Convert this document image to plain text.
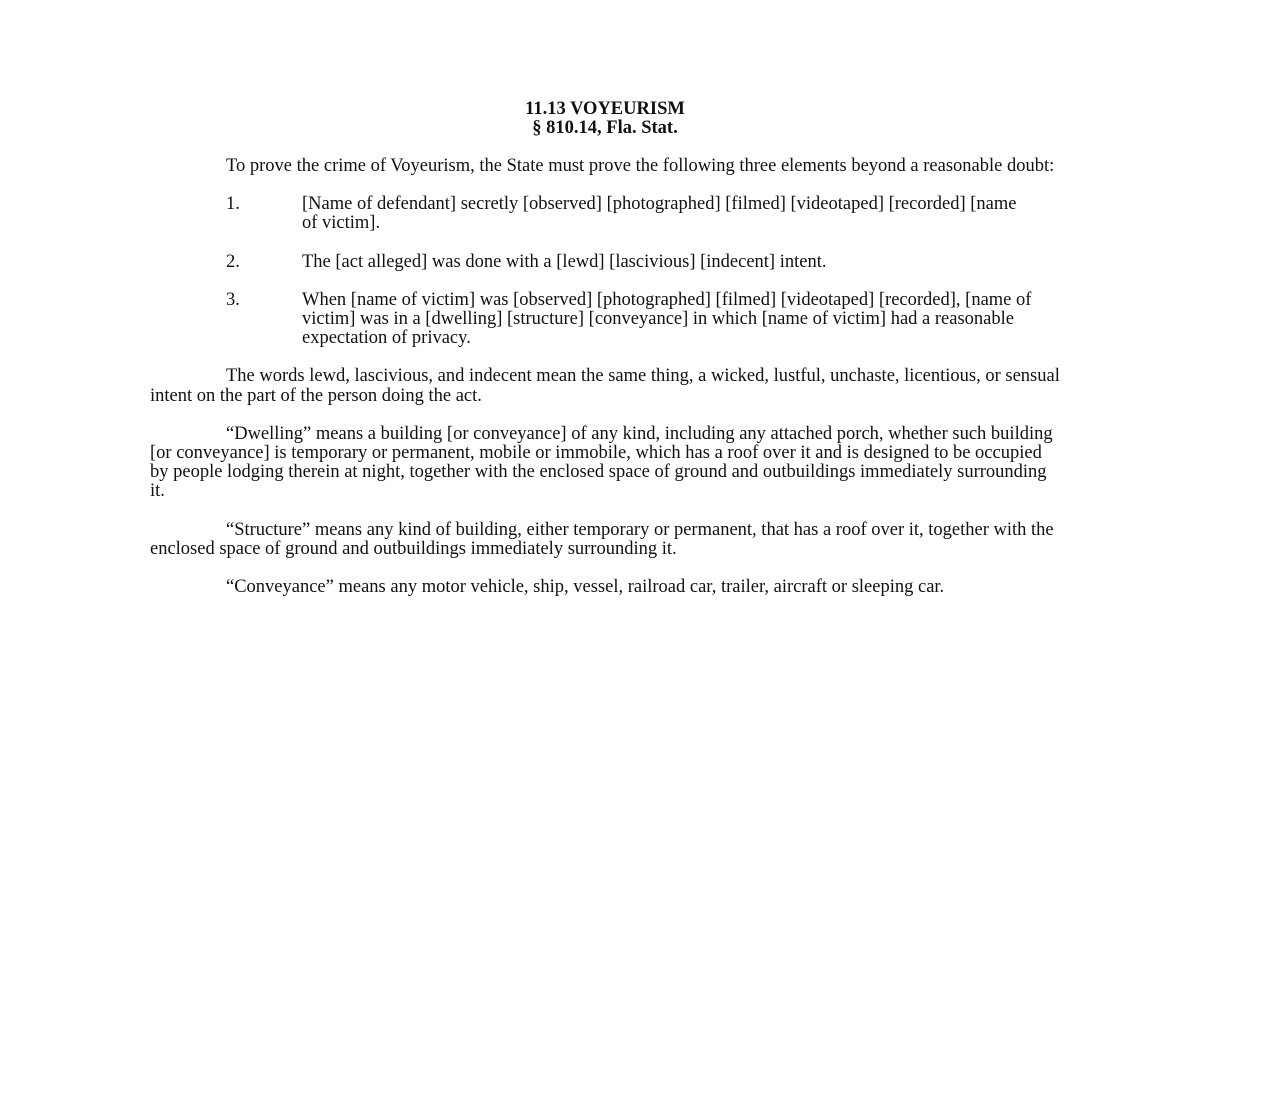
11.13 VOYEURISM
§ 810.14, Fla. Stat.

To prove the crime of Voyeurism, the State must prove the following three elements beyond a reasonable doubt:

1.	[Name of defendant] secretly [observed] [photographed] [filmed] [videotaped] [recorded] [name of victim].
2.	The [act alleged] was done with a [lewd] [lascivious] [indecent] intent.
3.	When [name of victim] was [observed] [photographed] [filmed] [videotaped] [recorded], [name of victim] was in a [dwelling] [structure] [conveyance] in which [name of victim] had a reasonable expectation of privacy.

The words lewd, lascivious, and indecent mean the same thing, a wicked, lustful, unchaste, licentious, or sensual intent on the part of the person doing the act.

“Dwelling” means a building [or conveyance] of any kind, including any attached porch, whether such building [or conveyance] is temporary or permanent, mobile or immobile, which has a roof over it and is designed to be occupied by people lodging therein at night, together with the enclosed space of ground and outbuildings immediately surrounding it.

“Structure” means any kind of building, either temporary or permanent, that has a roof over it, together with the enclosed space of ground and outbuildings immediately surrounding it.

“Conveyance” means any motor vehicle, ship, vessel, railroad car, trailer, aircraft or sleeping car.
